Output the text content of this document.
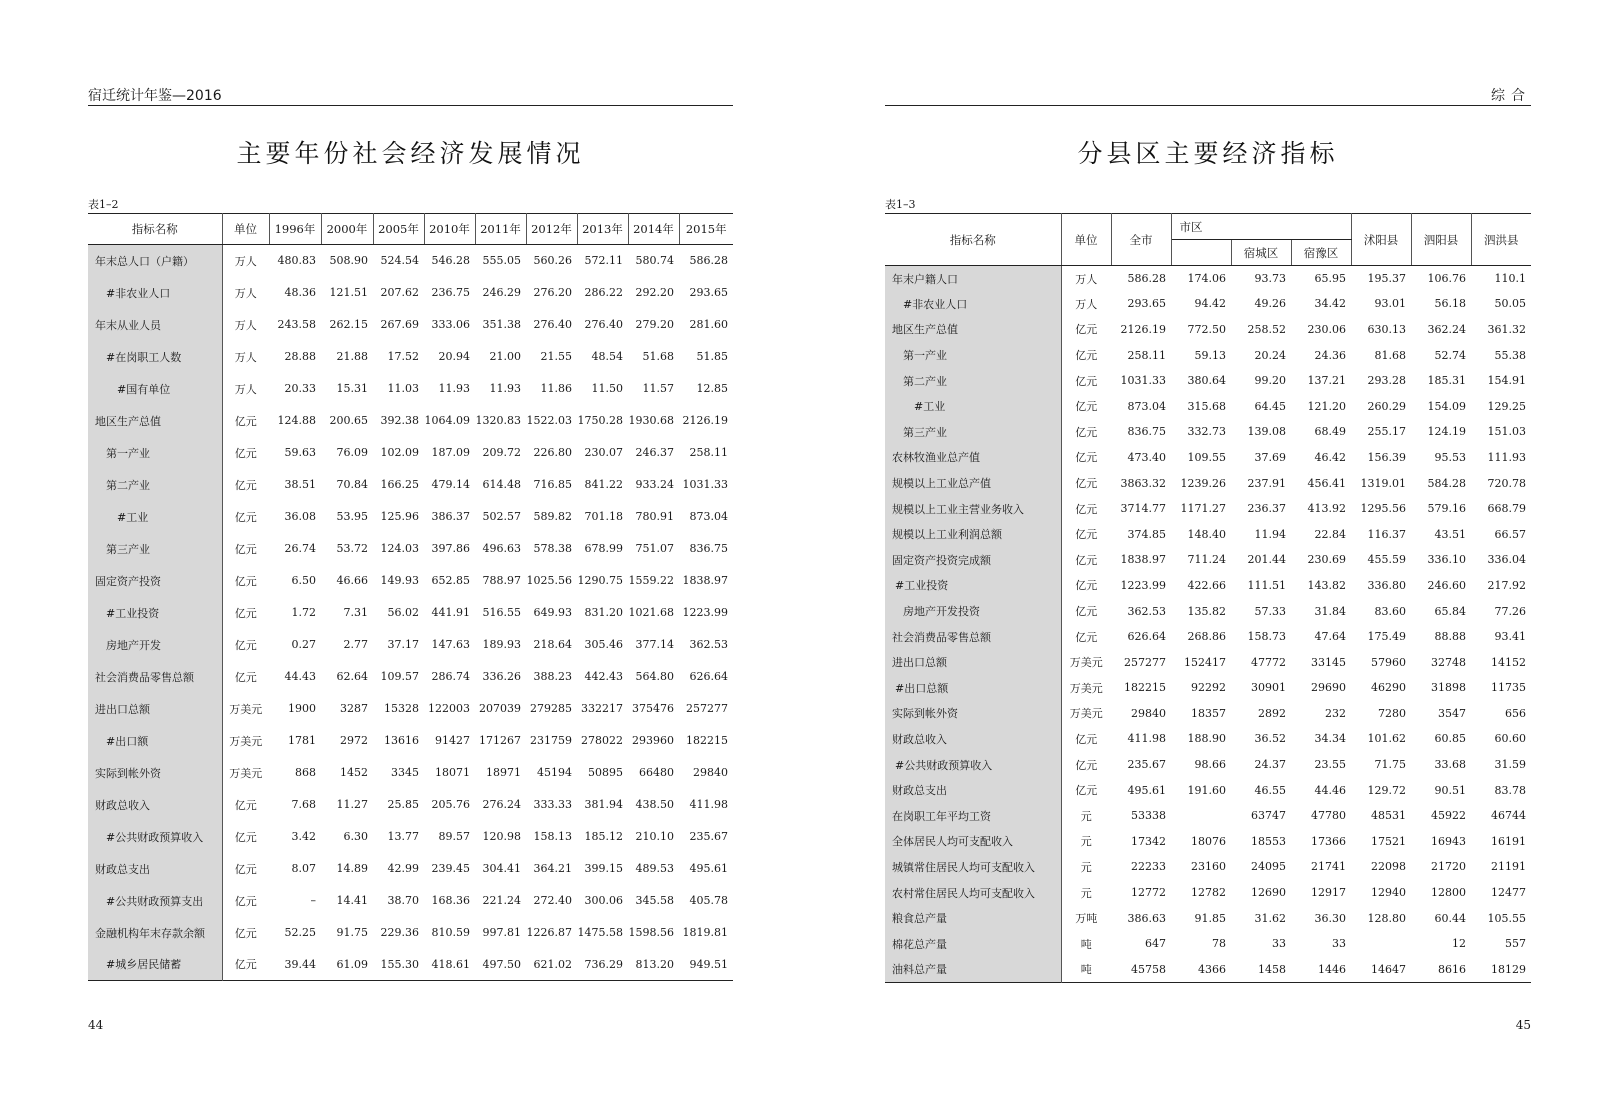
宿迁统计年鉴—2016
主要年份社会经济发展情况
表1–2
指标名称	单位	1996年	2000年	2005年	2010年	2011年	2012年	2013年	2014年	2015年
年末总人口（户籍）	万人	480.83	508.90	524.54	546.28	555.05	560.26	572.11	580.74	586.28
#非农业人口	万人	48.36	121.51	207.62	236.75	246.29	276.20	286.22	292.20	293.65
年末从业人员	万人	243.58	262.15	267.69	333.06	351.38	276.40	276.40	279.20	281.60
#在岗职工人数	万人	28.88	21.88	17.52	20.94	21.00	21.55	48.54	51.68	51.85
#国有单位	万人	20.33	15.31	11.03	11.93	11.93	11.86	11.50	11.57	12.85
地区生产总值	亿元	124.88	200.65	392.38	1064.09	1320.83	1522.03	1750.28	1930.68	2126.19
第一产业	亿元	59.63	76.09	102.09	187.09	209.72	226.80	230.07	246.37	258.11
第二产业	亿元	38.51	70.84	166.25	479.14	614.48	716.85	841.22	933.24	1031.33
#工业	亿元	36.08	53.95	125.96	386.37	502.57	589.82	701.18	780.91	873.04
第三产业	亿元	26.74	53.72	124.03	397.86	496.63	578.38	678.99	751.07	836.75
固定资产投资	亿元	6.50	46.66	149.93	652.85	788.97	1025.56	1290.75	1559.22	1838.97
#工业投资	亿元	1.72	7.31	56.02	441.91	516.55	649.93	831.20	1021.68	1223.99
房地产开发	亿元	0.27	2.77	37.17	147.63	189.93	218.64	305.46	377.14	362.53
社会消费品零售总额	亿元	44.43	62.64	109.57	286.74	336.26	388.23	442.43	564.80	626.64
进出口总额	万美元	1900	3287	15328	122003	207039	279285	332217	375476	257277
#出口额	万美元	1781	2972	13616	91427	171267	231759	278022	293960	182215
实际到帐外资	万美元	868	1452	3345	18071	18971	45194	50895	66480	29840
财政总收入	亿元	7.68	11.27	25.85	205.76	276.24	333.33	381.94	438.50	411.98
#公共财政预算收入	亿元	3.42	6.30	13.77	89.57	120.98	158.13	185.12	210.10	235.67
财政总支出	亿元	8.07	14.89	42.99	239.45	304.41	364.21	399.15	489.53	495.61
#公共财政预算支出	亿元	–	14.41	38.70	168.36	221.24	272.40	300.06	345.58	405.78
金融机构年末存款余额	亿元	52.25	91.75	229.36	810.59	997.81	1226.87	1475.58	1598.56	1819.81
#城乡居民储蓄	亿元	39.44	61.09	155.30	418.61	497.50	621.02	736.29	813.20	949.51
44
综合
分县区主要经济指标
表1–3
指标名称	单位	全市	市区			沭阳县	泗阳县	泗洪县
				宿城区	宿豫区			
年末户籍人口	万人	586.28	174.06	93.73	65.95	195.37	106.76	110.1
#非农业人口	万人	293.65	94.42	49.26	34.42	93.01	56.18	50.05
地区生产总值	亿元	2126.19	772.50	258.52	230.06	630.13	362.24	361.32
第一产业	亿元	258.11	59.13	20.24	24.36	81.68	52.74	55.38
第二产业	亿元	1031.33	380.64	99.20	137.21	293.28	185.31	154.91
#工业	亿元	873.04	315.68	64.45	121.20	260.29	154.09	129.25
第三产业	亿元	836.75	332.73	139.08	68.49	255.17	124.19	151.03
农林牧渔业总产值	亿元	473.40	109.55	37.69	46.42	156.39	95.53	111.93
规模以上工业总产值	亿元	3863.32	1239.26	237.91	456.41	1319.01	584.28	720.78
规模以上工业主营业务收入	亿元	3714.77	1171.27	236.37	413.92	1295.56	579.16	668.79
规模以上工业利润总额	亿元	374.85	148.40	11.94	22.84	116.37	43.51	66.57
固定资产投资完成额	亿元	1838.97	711.24	201.44	230.69	455.59	336.10	336.04
#工业投资	亿元	1223.99	422.66	111.51	143.82	336.80	246.60	217.92
房地产开发投资	亿元	362.53	135.82	57.33	31.84	83.60	65.84	77.26
社会消费品零售总额	亿元	626.64	268.86	158.73	47.64	175.49	88.88	93.41
进出口总额	万美元	257277	152417	47772	33145	57960	32748	14152
#出口总额	万美元	182215	92292	30901	29690	46290	31898	11735
实际到帐外资	万美元	29840	18357	2892	232	7280	3547	656
财政总收入	亿元	411.98	188.90	36.52	34.34	101.62	60.85	60.60
#公共财政预算收入	亿元	235.67	98.66	24.37	23.55	71.75	33.68	31.59
财政总支出	亿元	495.61	191.60	46.55	44.46	129.72	90.51	83.78
在岗职工年平均工资	元	53338		63747	47780	48531	45922	46744
全体居民人均可支配收入	元	17342	18076	18553	17366	17521	16943	16191
城镇常住居民人均可支配收入	元	22233	23160	24095	21741	22098	21720	21191
农村常住居民人均可支配收入	元	12772	12782	12690	12917	12940	12800	12477
粮食总产量	万吨	386.63	91.85	31.62	36.30	128.80	60.44	105.55
棉花总产量	吨	647	78	33	33		12	557
油料总产量	吨	45758	4366	1458	1446	14647	8616	18129
45
